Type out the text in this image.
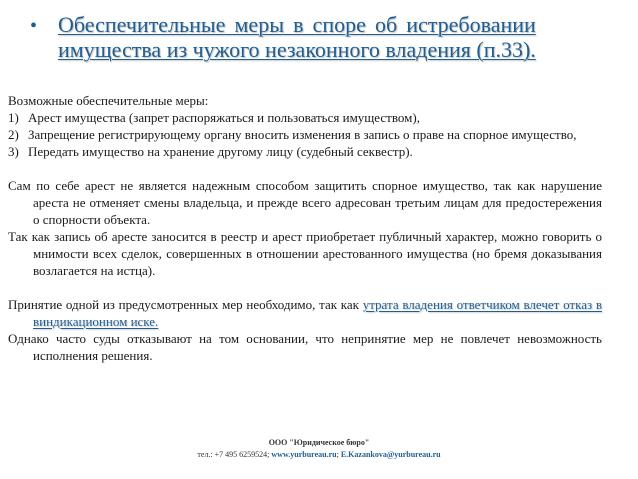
• Обеспечительные меры в споре об истребовании
имущества из чужого незаконного владения (п.33).

Возможные обеспечительные меры:

1) Арест имущества (запрет распоряжаться и пользоваться имуществом),
2) Запрещение регистрирующему органу вносить изменения в запись о праве на спорное имущество,
3) Передать имущество на хранение другому лицу (судебный секвестр).

Сам по себе арест не является надежным способом защитить спорное имущество, так как нарушение ареста не отменяет смены владельца, и прежде всего адресован третьим лицам для предостережения о спорности объекта.

Так как запись об аресте заносится в реестр и арест приобретает публичный характер, можно говорить о мнимости всех сделок, совершенных в отношении арестованного имущества (но бремя доказывания возлагается на истца).

Принятие одной из предусмотренных мер необходимо, так как утрата владения ответчиком влечет отказ в виндикационном иске.

Однако часто суды отказывают на том основании, что непринятие мер не повлечет невозможность исполнения решения.

ООО "Юридическое бюро"
тел.: +7 495 6259524; www.yurbureau.ru; E.Kazankova@yurbureau.ru
